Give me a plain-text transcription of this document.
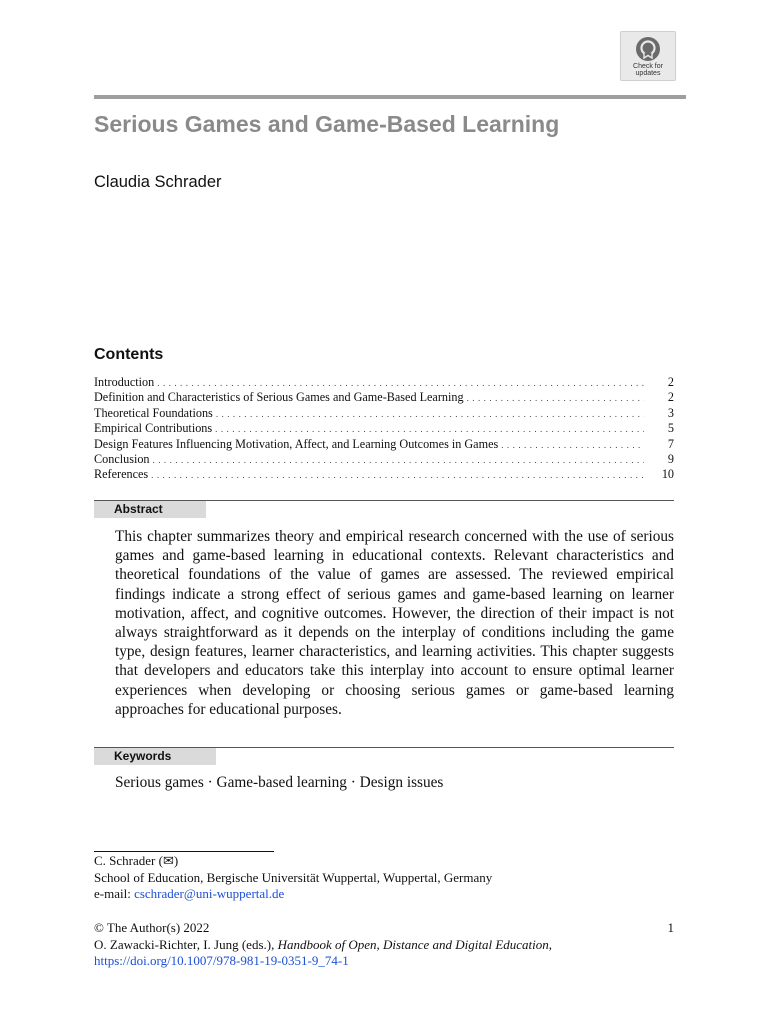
Check for
updates
Serious Games and Game-Based Learning
Claudia Schrader
Contents
Introduction . . .	2
Definition and Characteristics of Serious Games and Game-Based Learning . . .	2
Theoretical Foundations . . .	3
Empirical Contributions . . .	5
Design Features Influencing Motivation, Affect, and Learning Outcomes in Games . . .	7
Conclusion . . .	9
References . . .	10
Abstract
This chapter summarizes theory and empirical research concerned with the use of serious games and game-based learning in educational contexts. Relevant characteristics and theoretical foundations of the value of games are assessed. The reviewed empirical findings indicate a strong effect of serious games and game-based learning on learner motivation, affect, and cognitive outcomes. However, the direction of their impact is not always straightforward as it depends on the interplay of conditions including the game type, design features, learner characteristics, and learning activities. This chapter suggests that developers and educators take this interplay into account to ensure optimal learner experiences when developing or choosing serious games or game-based learning approaches for educational purposes.
Keywords
Serious games · Game-based learning · Design issues
C. Schrader (✉)
School of Education, Bergische Universität Wuppertal, Wuppertal, Germany
e-mail: cschrader@uni-wuppertal.de
© The Author(s) 2022	1
O. Zawacki-Richter, I. Jung (eds.), Handbook of Open, Distance and Digital Education,
https://doi.org/10.1007/978-981-19-0351-9_74-1
